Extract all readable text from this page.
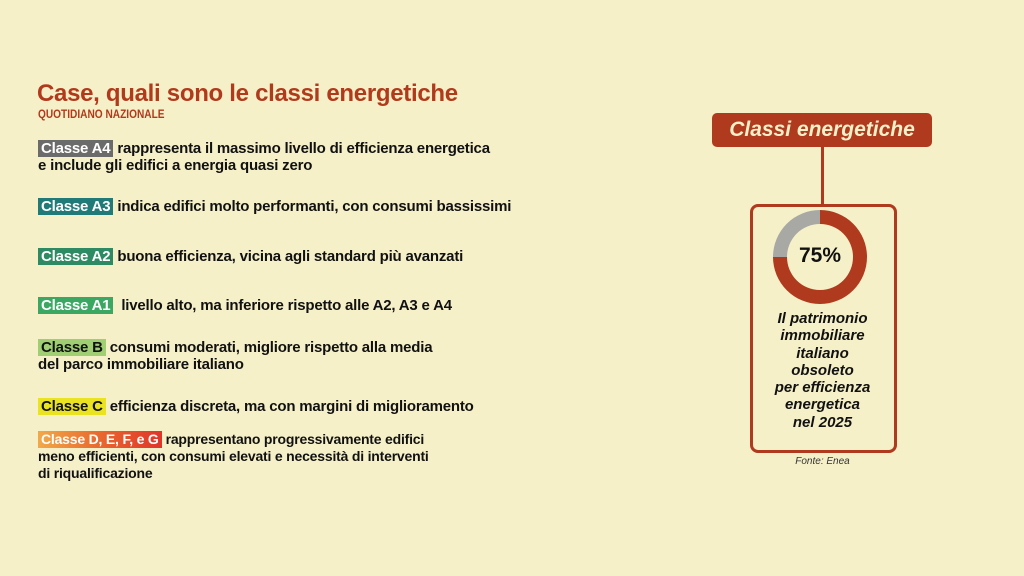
Case, quali sono le classi energetiche
QUOTIDIANO NAZIONALE
Classe A4 rappresenta il massimo livello di efficienza energetica
e include gli edifici a energia quasi zero
Classe A3 indica edifici molto performanti, con consumi bassissimi
Classe A2 buona efficienza, vicina agli standard più avanzati
Classe A1 livello alto, ma inferiore rispetto alle A2, A3 e A4
Classe B consumi moderati, migliore rispetto alla media
del parco immobiliare italiano
Classe C efficienza discreta, ma con margini di miglioramento
Classe D, E, F, e G rappresentano progressivamente edifici
meno efficienti, con consumi elevati e necessità di interventi
di riqualificazione
Classi energetiche
75%
Il patrimonio
immobiliare
italiano
obsoleto
per efficienza
energetica
nel 2025
Fonte: Enea
